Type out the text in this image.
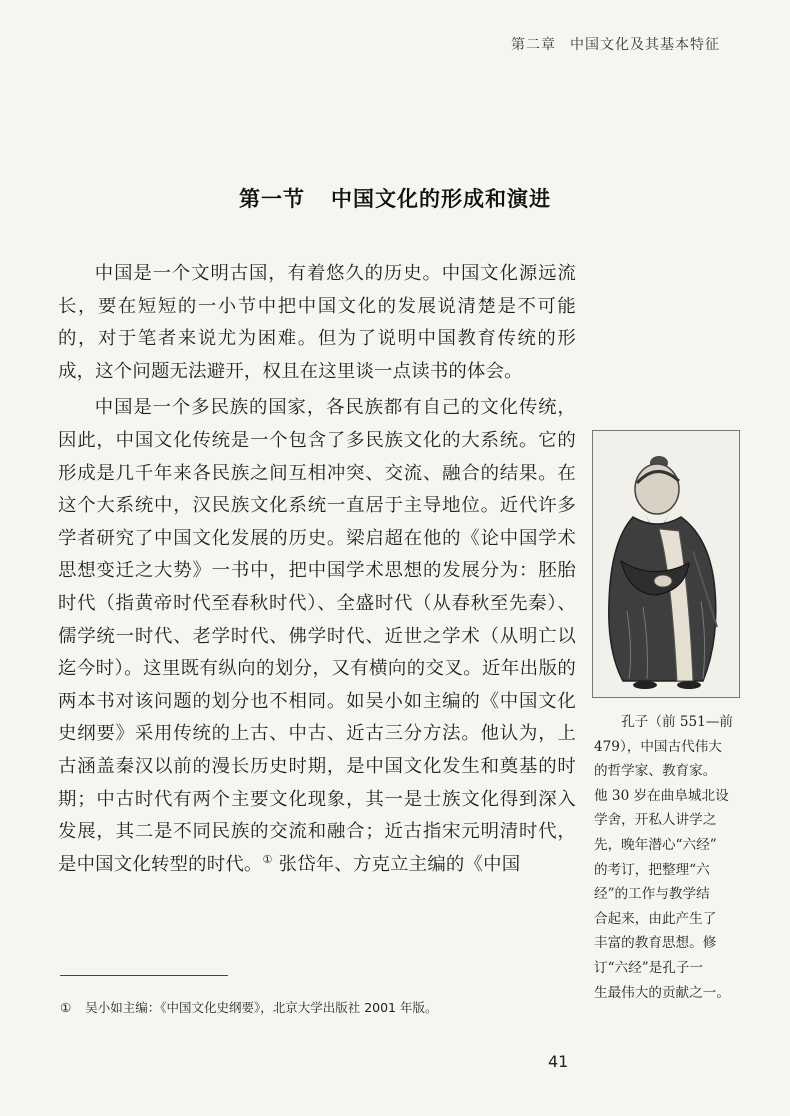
第二章 中国文化及其基本特征
第一节 中国文化的形成和演进

中国是一个文明古国，有着悠久的历史。中国文化源远流长，要在短短的一小节中把中国文化的发展说清楚是不可能的，对于笔者来说尤为困难。但为了说明中国教育传统的形成，这个问题无法避开，权且在这里谈一点读书的体会。

中国是一个多民族的国家，各民族都有自己的文化传统，因此，中国文化传统是一个包含了多民族文化的大系统。它的形成是几千年来各民族之间互相冲突、交流、融合的结果。在这个大系统中，汉民族文化系统一直居于主导地位。近代许多学者研究了中国文化发展的历史。梁启超在他的《论中国学术思想变迁之大势》一书中，把中国学术思想的发展分为：胚胎时代（指黄帝时代至春秋时代）、全盛时代（从春秋至先秦）、儒学统一时代、老学时代、佛学时代、近世之学术（从明亡以迄今时）。这里既有纵向的划分，又有横向的交叉。近年出版的两本书对该问题的划分也不相同。如吴小如主编的《中国文化史纲要》采用传统的上古、中古、近古三分方法。他认为，上古涵盖秦汉以前的漫长历史时期，是中国文化发生和奠基的时期；中古时代有两个主要文化现象，其一是士族文化得到深入发展，其二是不同民族的交流和融合；近古指宋元明清时代，是中国文化转型的时代。① 张岱年、方克立主编的《中国

孔子（前 551—前
479），中国古代伟大
的哲学家、教育家。
他 30 岁在曲阜城北设
学舍，开私人讲学之
先，晚年潜心“六经”
的考订，把整理“六
经”的工作与教学结
合起来，由此产生了
丰富的教育思想。修
订“六经”是孔子一
生最伟大的贡献之一。
① 吴小如主编：《中国文化史纲要》，北京大学出版社 2001 年版。
41
